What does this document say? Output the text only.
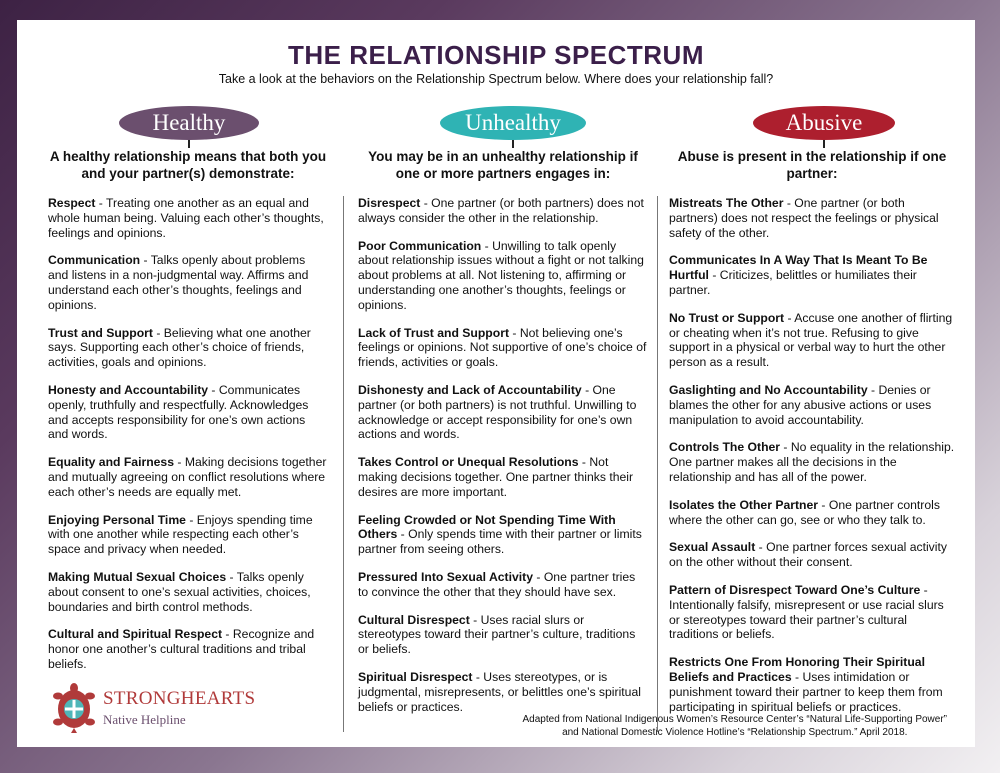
THE RELATIONSHIP SPECTRUM
Take a look at the behaviors on the Relationship Spectrum below. Where does your relationship fall?
Healthy
A healthy relationship means that both you and your partner(s) demonstrate:
Respect - Treating one another as an equal and whole human being. Valuing each other’s thoughts, feelings and opinions.
Communication - Talks openly about problems and listens in a non-judgmental way. Affirms and understand each other’s thoughts, feelings and opinions.
Trust and Support - Believing what one another says. Supporting each other’s choice of friends, activities, goals and opinions.
Honesty and Accountability - Communicates openly, truthfully and respectfully. Acknowledges and accepts responsibility for one’s own actions and words.
Equality and Fairness - Making decisions together and mutually agreeing on conflict resolutions where each other’s needs are equally met.
Enjoying Personal Time - Enjoys spending time with one another while respecting each other’s space and privacy when needed.
Making Mutual Sexual Choices - Talks openly about consent to one’s sexual activities, choices, boundaries and birth control methods.
Cultural and Spiritual Respect - Recognize and honor one another’s cultural traditions and tribal beliefs.
Unhealthy
You may be in an unhealthy relationship if one or more partners engages in:
Disrespect - One partner (or both partners) does not always consider the other in the relationship.
Poor Communication - Unwilling to talk openly about relationship issues without a fight or not talking about problems at all. Not listening to, affirming or understanding one another’s thoughts, feelings or opinions.
Lack of Trust and Support - Not believing one’s feelings or opinions. Not supportive of one’s choice of friends, activities or goals.
Dishonesty and Lack of Accountability - One partner (or both partners) is not truthful. Unwilling to acknowledge or accept responsibility for one’s own actions and words.
Takes Control or Unequal Resolutions - Not making decisions together. One partner thinks their desires are more important.
Feeling Crowded or Not Spending Time With Others - Only spends time with their partner or limits partner from seeing others.
Pressured Into Sexual Activity - One partner tries to convince the other that they should have sex.
Cultural Disrespect - Uses racial slurs or stereotypes toward their partner’s culture, traditions or beliefs.
Spiritual Disrespect - Uses stereotypes, or is judgmental, misrepresents, or belittles one’s spiritual beliefs or practices.
Abusive
Abuse is present in the relationship if one partner:
Mistreats The Other - One partner (or both partners) does not respect the feelings or physical safety of the other.
Communicates In A Way That Is Meant To Be Hurtful - Criticizes, belittles or humiliates their partner.
No Trust or Support - Accuse one another of flirting or cheating when it’s not true. Refusing to give support in a physical or verbal way to hurt the other person as a result.
Gaslighting and No Accountability - Denies or blames the other for any abusive actions or uses manipulation to avoid accountability.
Controls The Other - No equality in the relationship. One partner makes all the decisions in the relationship and has all of the power.
Isolates the Other Partner - One partner controls where the other can go, see or who they talk to.
Sexual Assault - One partner forces sexual activity on the other without their consent.
Pattern of Disrespect Toward One’s Culture - Intentionally falsify, misrepresent or use racial slurs or stereotypes toward their partner’s cultural traditions or beliefs.
Restricts One From Honoring Their Spiritual Beliefs and Practices - Uses intimidation or punishment toward their partner to keep them from participating in spiritual beliefs or practices.
STRONGHEARTS
Native Helpline	Adapted from National Indigenous Women’s Resource Center’s “Natural Life-Supporting Power”
and National Domestic Violence Hotline’s “Relationship Spectrum.” April 2018.
